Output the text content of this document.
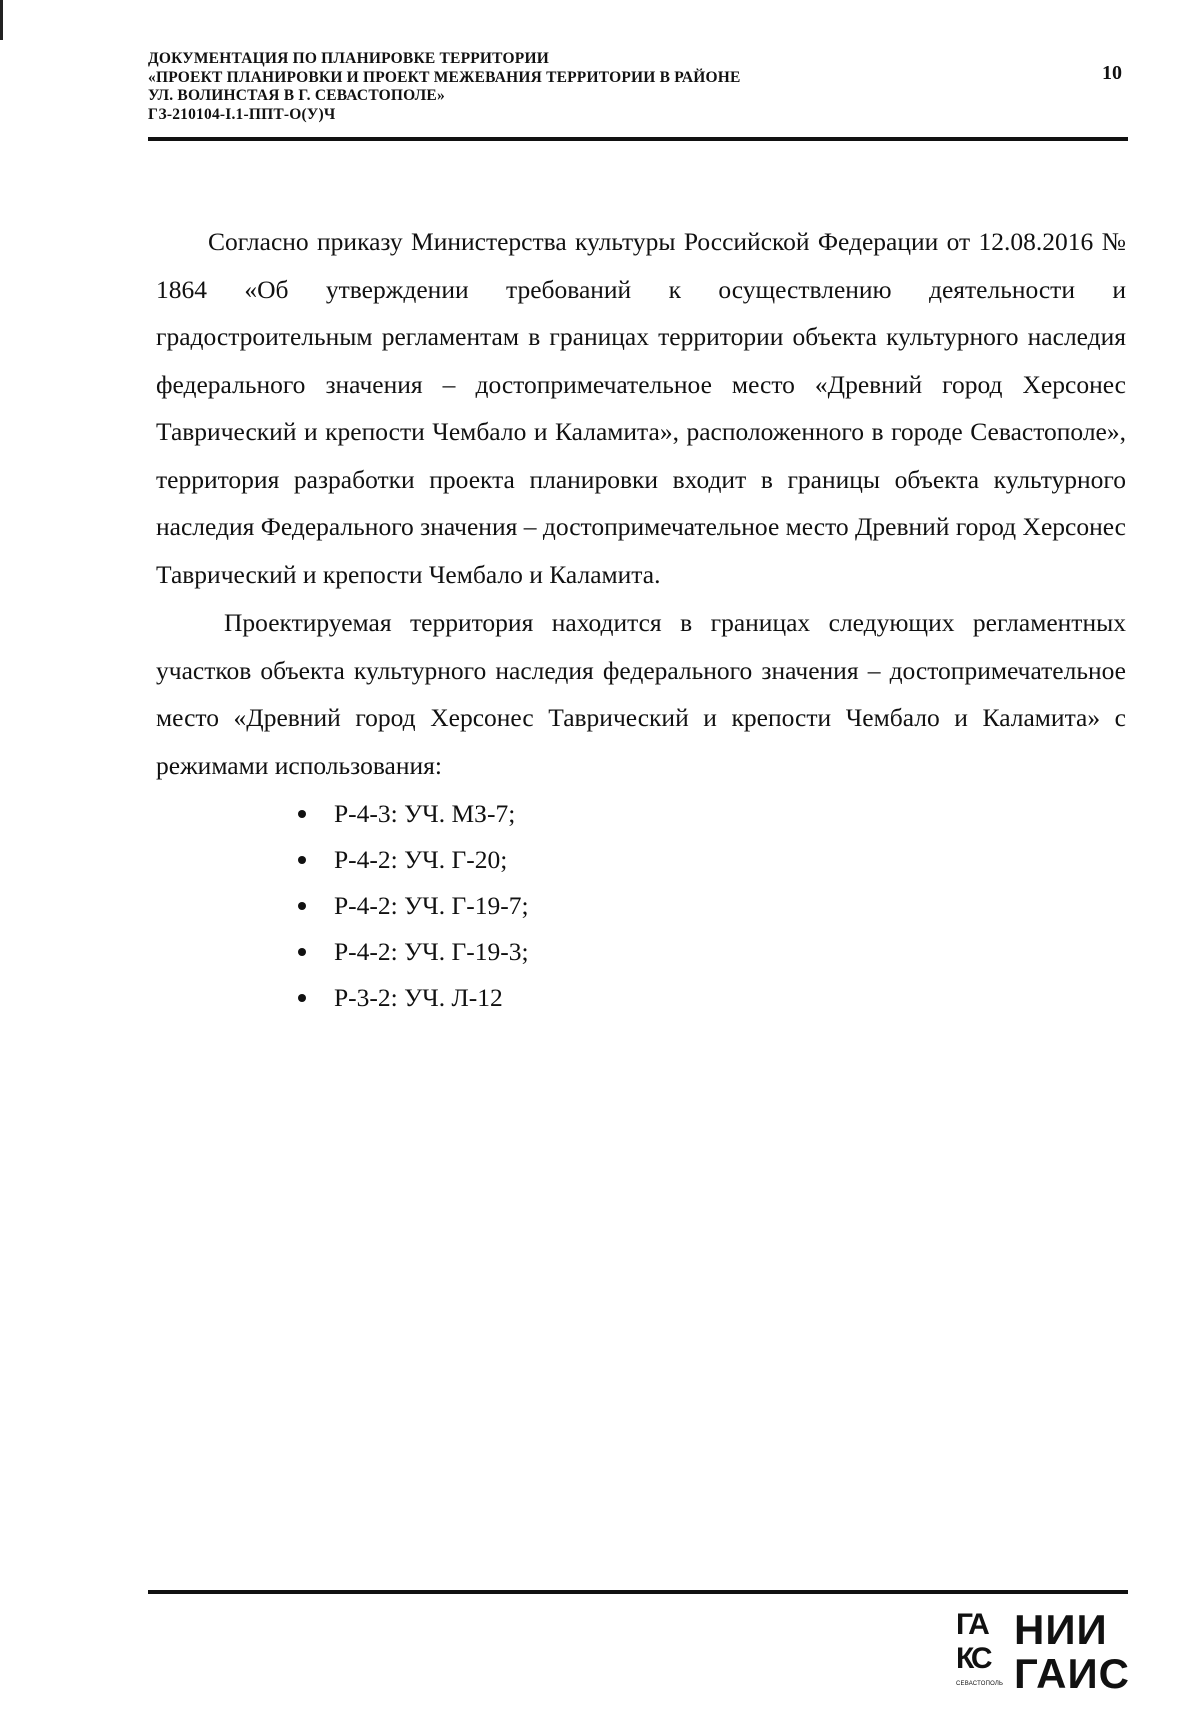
ДОКУМЕНТАЦИЯ ПО ПЛАНИРОВКЕ ТЕРРИТОРИИ
«ПРОЕКТ ПЛАНИРОВКИ И ПРОЕКТ МЕЖЕВАНИЯ ТЕРРИТОРИИ В РАЙОНЕ
УЛ. ВОЛИНСТАЯ В Г. СЕВАСТОПОЛЕ»
ГЗ-210104-I.1-ППТ-О(У)Ч
10

Согласно приказу Министерства культуры Российской Федерации от 12.08.2016 № 1864 «Об утверждении требований к осуществлению деятельности и градостроительным регламентам в границах территории объекта культурного наследия федерального значения – достопримечательное место «Древний город Херсонес Таврический и крепости Чембало и Каламита», расположенного в городе Севастополе», территория разработки проекта планировки входит в границы объекта культурного наследия Федерального значения – достопримечательное место Древний город Херсонес Таврический и крепости Чембало и Каламита.

Проектируемая территория находится в границах следующих регламентных участков объекта культурного наследия федерального значения – достопримечательное место «Древний город Херсонес Таврический и крепости Чембало и Каламита» с режимами использования:

Р-4-3: УЧ. МЗ-7;
Р-4-2: УЧ. Г-20;
Р-4-2: УЧ. Г-19-7;
Р-4-2: УЧ. Г-19-3;
Р-3-2: УЧ. Л-12
ГА
КС
СЕВАСТОПОЛЬ
НИИ
ГАИС
